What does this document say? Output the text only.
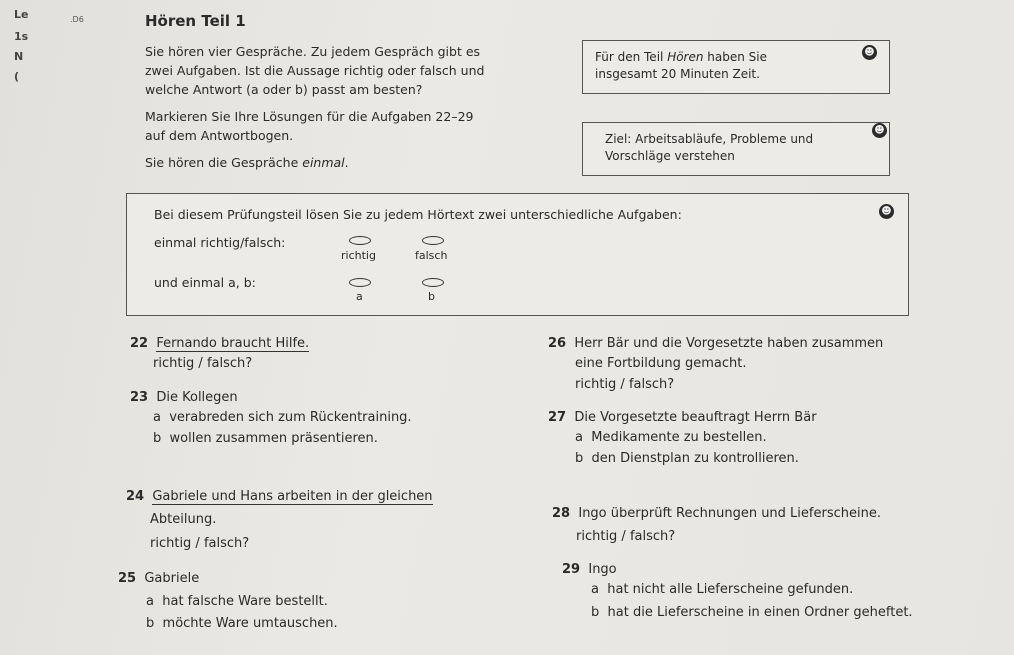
Le
1s
N
(
.D6	Hören Teil 1

Sie hören vier Gespräche. Zu jedem Gespräch gibt es

zwei Aufgaben. Ist die Aussage richtig oder falsch und

welche Antwort (a oder b) passt am besten?

Markieren Sie Ihre Lösungen für die Aufgaben 22–29

auf dem Antwortbogen.

Sie hören die Gespräche einmal.

Für den Teil Hören haben Sie

insgesamt 20 Minuten Zeit.

☻

Ziel: Arbeitsabläufe, Probleme und

Vorschläge verstehen

☻
Bei diesem Prüfungsteil lösen Sie zu jedem Hörtext zwei unterschiedliche Aufgaben:	☻
einmal richtig/falsch:
richtig	falsch
und einmal a, b:
a	b
22 Fernando braucht Hilfe.
richtig / falsch?
23 Die Kollegen
a verabreden sich zum Rückentraining.
b wollen zusammen präsentieren.
24 Gabriele und Hans arbeiten in der gleichen
Abteilung.
richtig / falsch?
25 Gabriele
a hat falsche Ware bestellt.
b möchte Ware umtauschen.
26 Herr Bär und die Vorgesetzte haben zusammen
eine Fortbildung gemacht.
richtig / falsch?
27 Die Vorgesetzte beauftragt Herrn Bär
a Medikamente zu bestellen.
b den Dienstplan zu kontrollieren.
28 Ingo überprüft Rechnungen und Lieferscheine.
richtig / falsch?
29 Ingo
a hat nicht alle Lieferscheine gefunden.
b hat die Lieferscheine in einen Ordner geheftet.
